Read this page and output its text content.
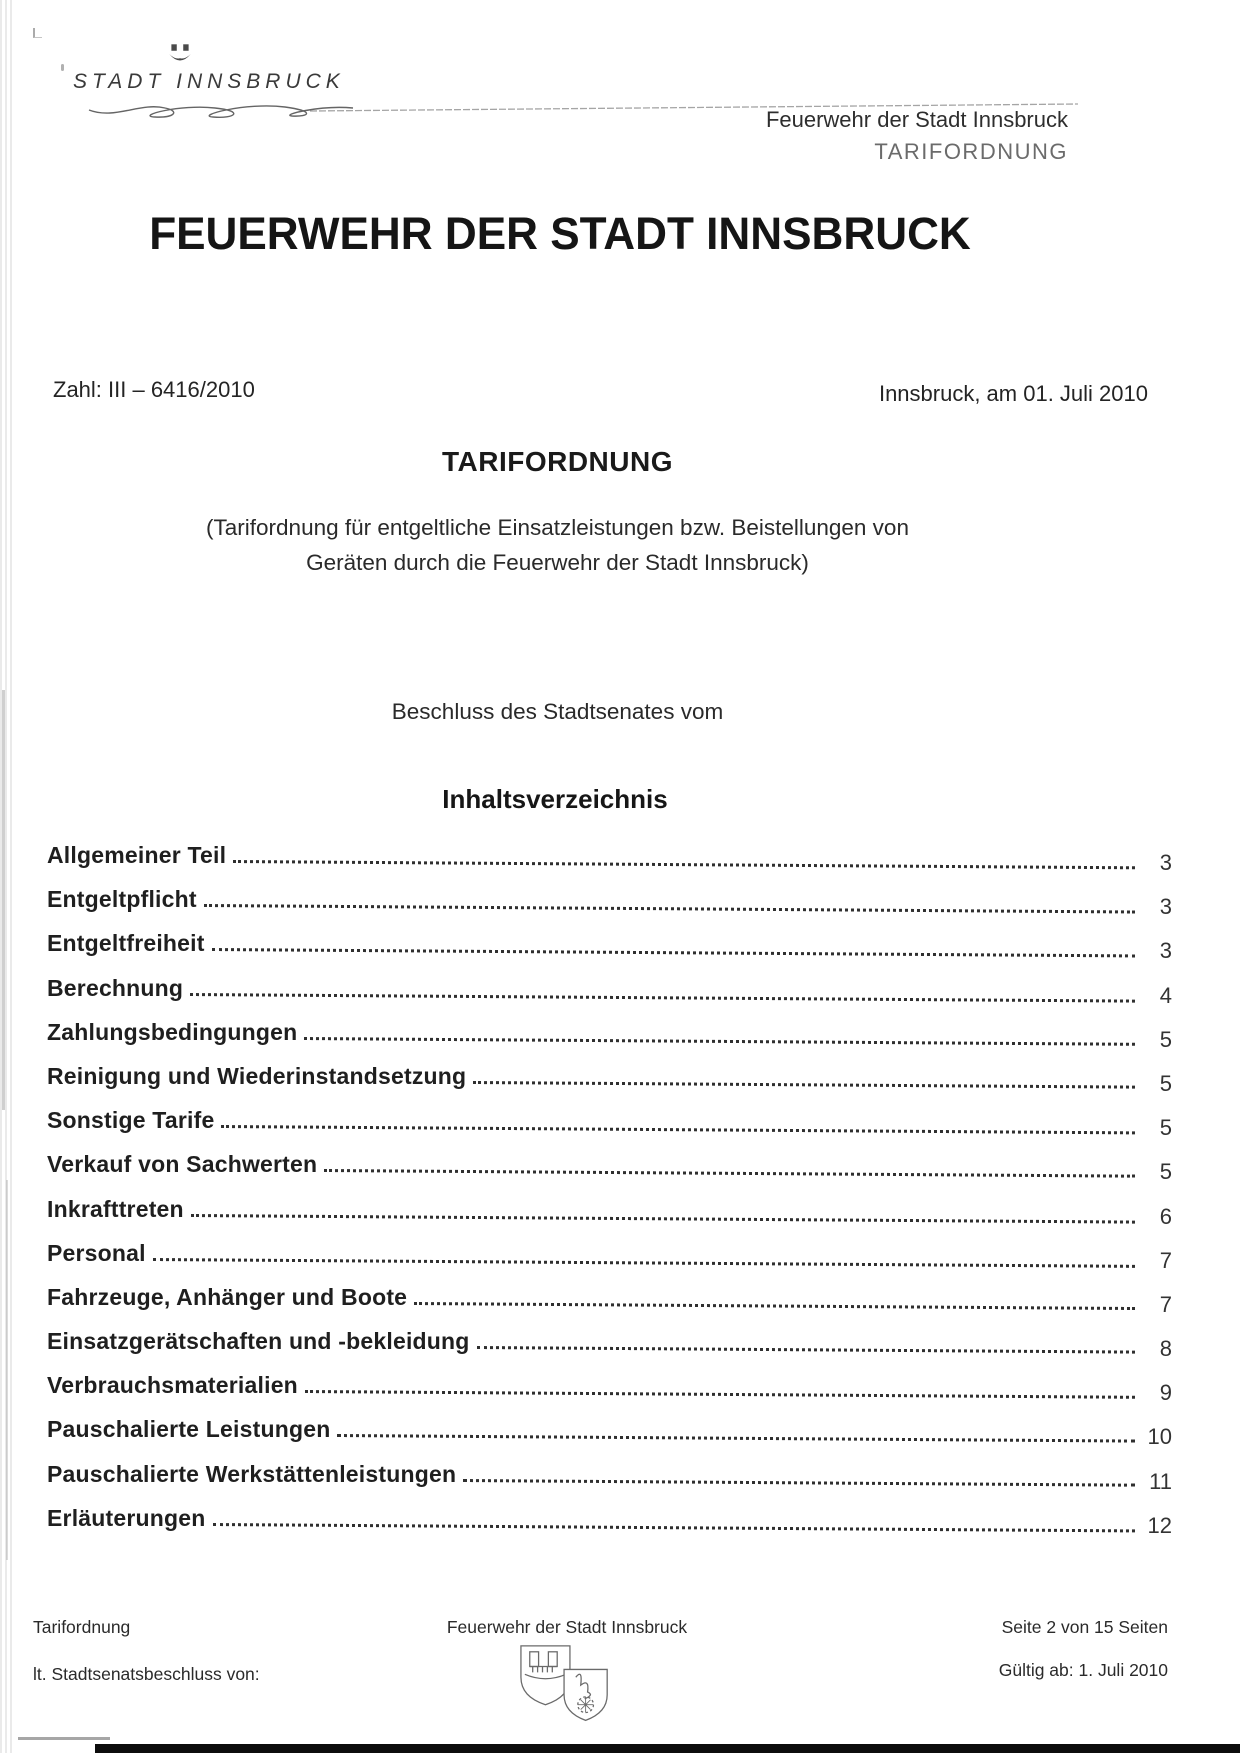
STADT INNSBRUCK
Feuerwehr der Stadt Innsbruck
TARIFORDNUNG
FEUERWEHR DER STADT INNSBRUCK
Zahl: III – 6416/2010	Innsbruck, am 01. Juli 2010
TARIFORDNUNG
(Tarifordnung für entgeltliche Einsatzleistungen bzw. Beistellungen von
Geräten durch die Feuerwehr der Stadt Innsbruck)
Beschluss des Stadtsenates vom
Inhaltsverzeichnis
Allgemeiner Teil	3
Entgeltpflicht	3
Entgeltfreiheit	3
Berechnung	4
Zahlungsbedingungen	5
Reinigung und Wiederinstandsetzung	5
Sonstige Tarife	5
Verkauf von Sachwerten	5
Inkrafttreten	6
Personal	7
Fahrzeuge, Anhänger und Boote	7
Einsatzgerätschaften und -bekleidung	8
Verbrauchsmaterialien	9
Pauschalierte Leistungen	10
Pauschalierte Werkstättenleistungen	11
Erläuterungen	12
Tarifordnung
lt. Stadtsenatsbeschluss von:
Feuerwehr der Stadt Innsbruck	Seite 2 von 15 Seiten
Gültig ab: 1. Juli 2010
